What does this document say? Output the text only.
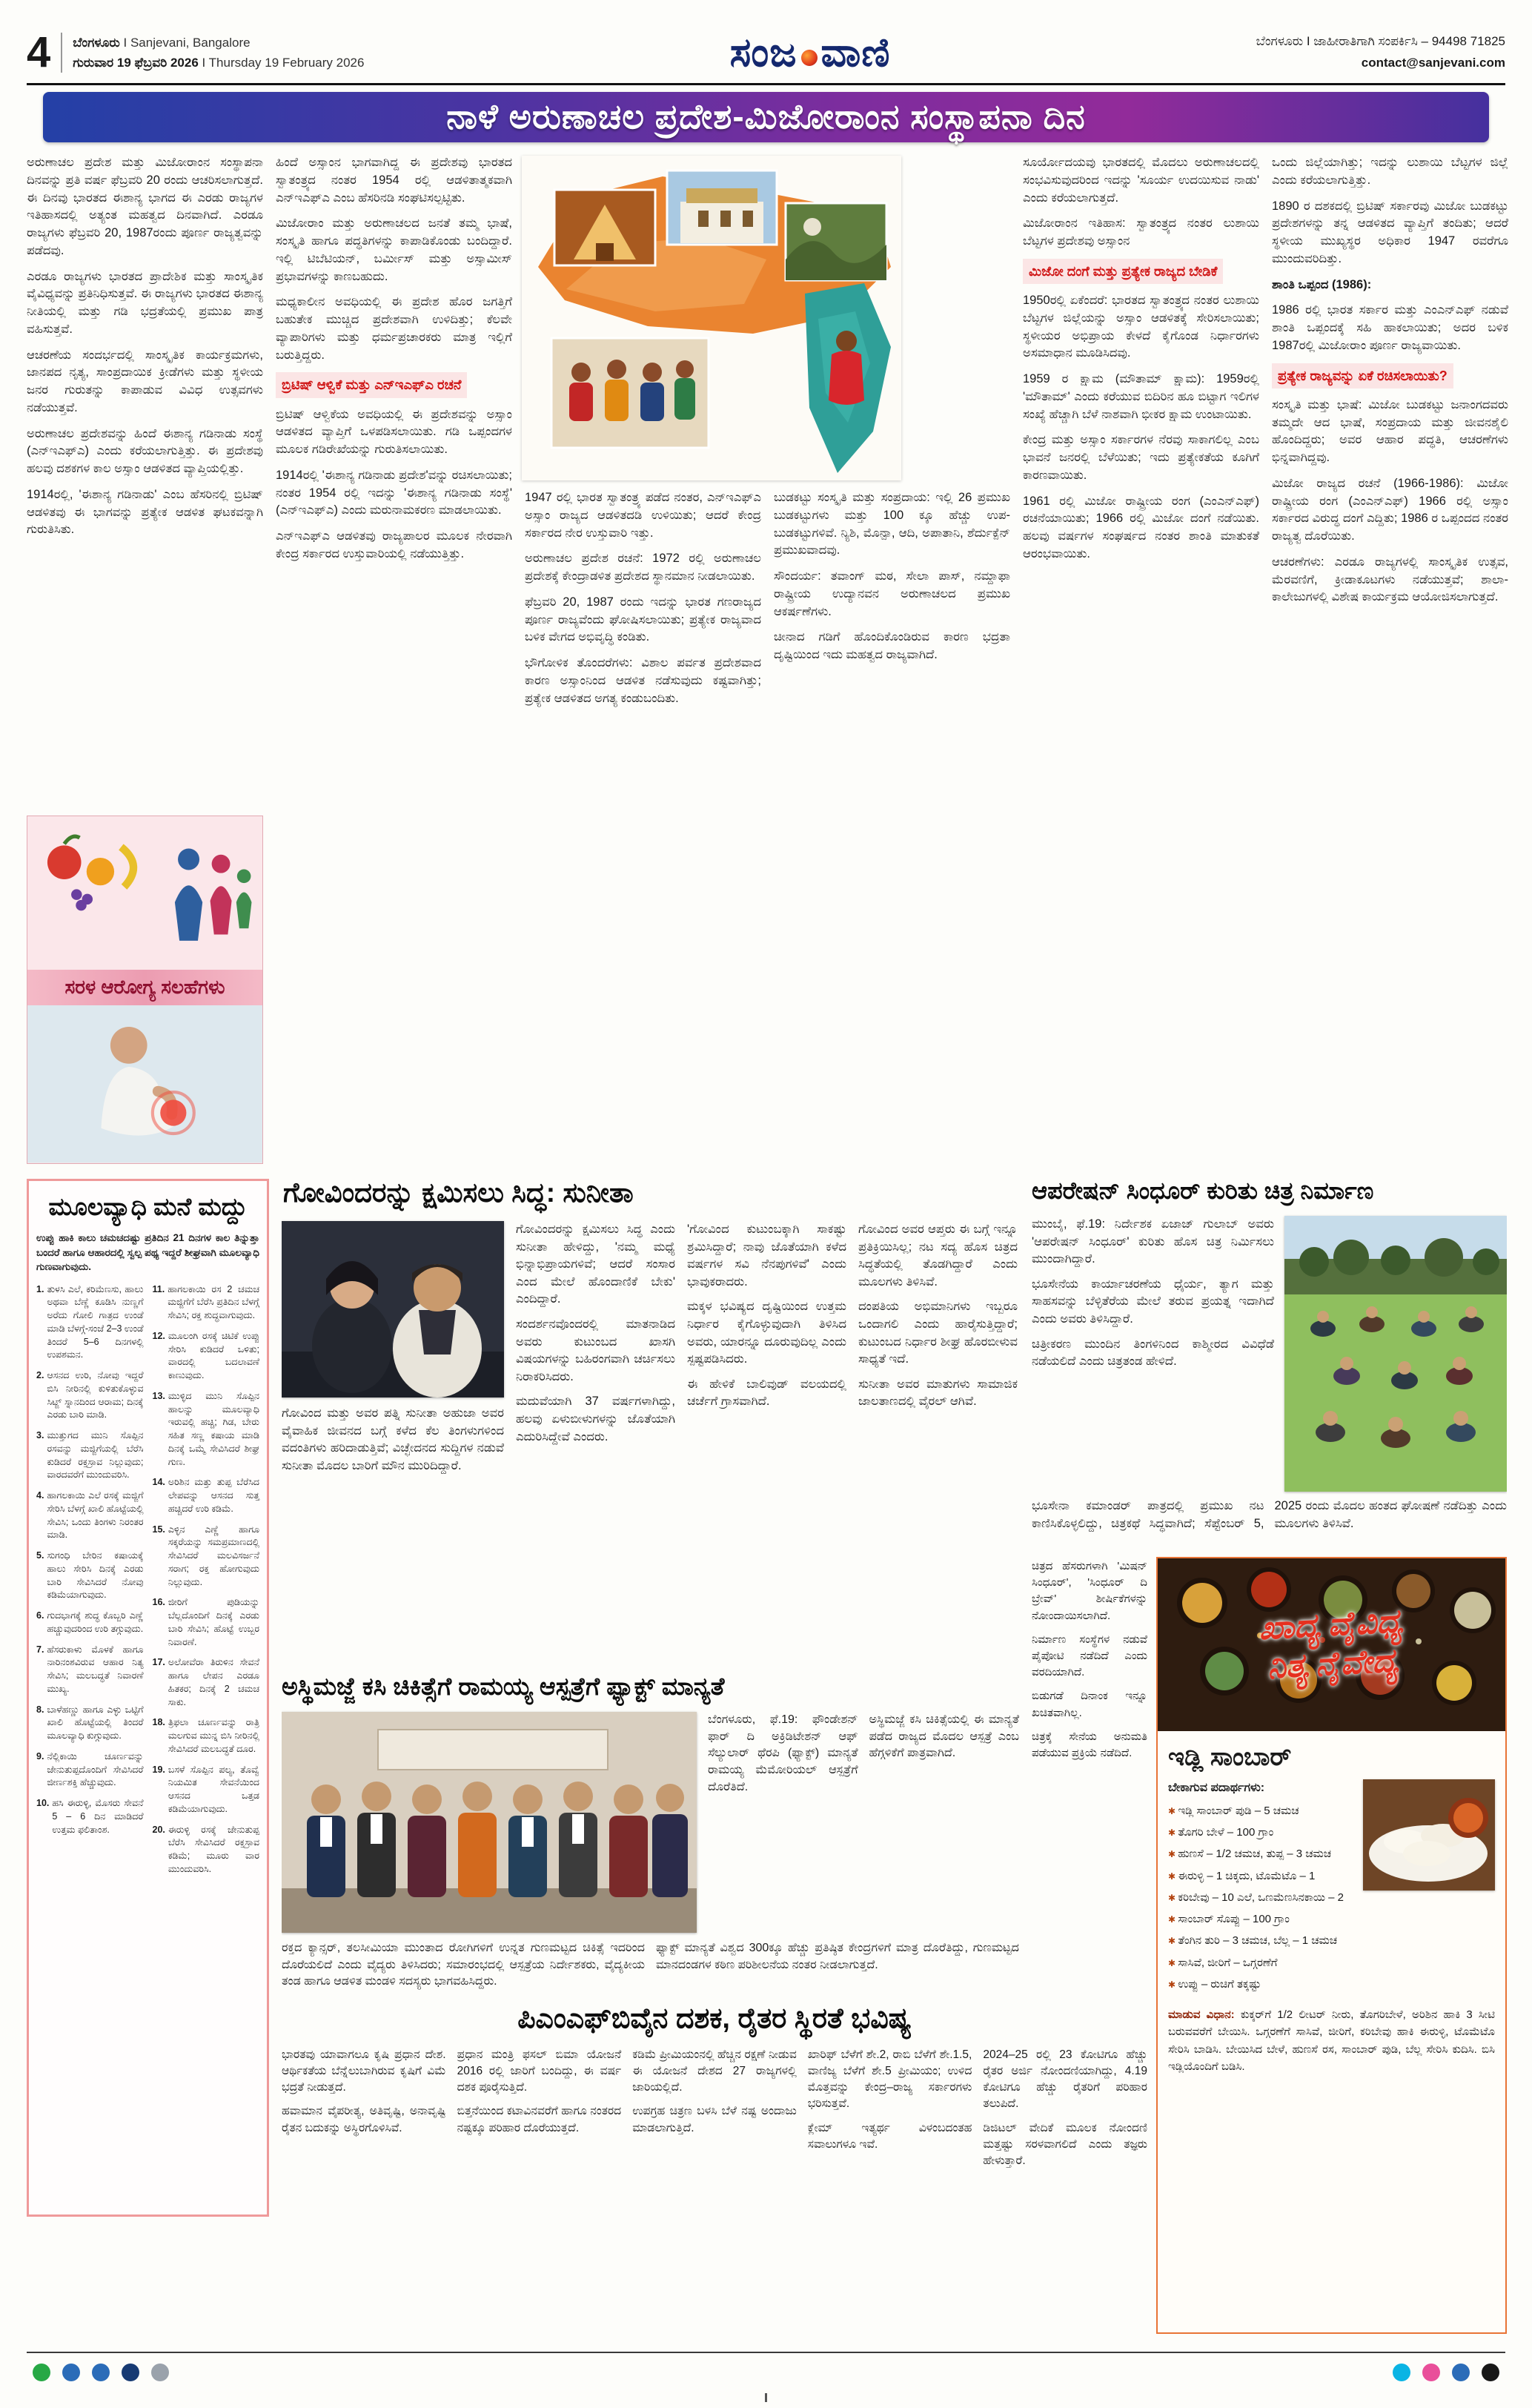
4 ಬೆಂಗಳೂರು I Sanjevani, Bangalore
ಗುರುವಾರ 19 ಫೆಬ್ರವರಿ 2026 I Thursday 19 February 2026	ಸಂಜ ವಾಣಿ	ಬೆಂಗಳೂರು I ಜಾಹೀರಾತಿಗಾಗಿ ಸಂಪರ್ಕಿಸಿ – 94498 71825
contact@sanjevani.com
ನಾಳೆ ಅರುಣಾಚಲ ಪ್ರದೇಶ-ಮಿಜೋರಾಂನ ಸಂಸ್ಥಾಪನಾ ದಿನ
ಅರುಣಾಚಲ ಪ್ರದೇಶ ಮತ್ತು ಮಿಜೋರಾಂನ ಸಂಸ್ಥಾಪನಾ ದಿನವನ್ನು ಪ್ರತಿ ವರ್ಷ ಫೆಬ್ರವರಿ 20 ರಂದು ಆಚರಿಸಲಾಗುತ್ತದೆ. ಈ ದಿನವು ಭಾರತದ ಈಶಾನ್ಯ ಭಾಗದ ಈ ಎರಡು ರಾಜ್ಯಗಳ ಇತಿಹಾಸದಲ್ಲಿ ಅತ್ಯಂತ ಮಹತ್ವದ ದಿನವಾಗಿದೆ. ಎರಡೂ ರಾಜ್ಯಗಳು ಫೆಬ್ರವರಿ 20, 1987ರಂದು ಪೂರ್ಣ ರಾಜ್ಯತ್ವವನ್ನು ಪಡೆದವು.
ಎರಡೂ ರಾಜ್ಯಗಳು ಭಾರತದ ಪ್ರಾದೇಶಿಕ ಮತ್ತು ಸಾಂಸ್ಕೃತಿಕ ವೈವಿಧ್ಯವನ್ನು ಪ್ರತಿನಿಧಿಸುತ್ತವೆ. ಈ ರಾಜ್ಯಗಳು ಭಾರತದ ಈಶಾನ್ಯ ನೀತಿಯಲ್ಲಿ ಮತ್ತು ಗಡಿ ಭದ್ರತೆಯಲ್ಲಿ ಪ್ರಮುಖ ಪಾತ್ರ ವಹಿಸುತ್ತವೆ.
ಆಚರಣೆಯ ಸಂದರ್ಭದಲ್ಲಿ ಸಾಂಸ್ಕೃತಿಕ ಕಾರ್ಯಕ್ರಮಗಳು, ಜಾನಪದ ನೃತ್ಯ, ಸಾಂಪ್ರದಾಯಿಕ ಕ್ರೀಡೆಗಳು ಮತ್ತು ಸ್ಥಳೀಯ ಜನರ ಗುರುತನ್ನು ಕಾಪಾಡುವ ವಿವಿಧ ಉತ್ಸವಗಳು ನಡೆಯುತ್ತವೆ.
ಅರುಣಾಚಲ ಪ್ರದೇಶವನ್ನು ಹಿಂದೆ ಈಶಾನ್ಯ ಗಡಿನಾಡು ಸಂಸ್ಥೆ (ಎನ್‌ಇಎಫ್‌ಎ) ಎಂದು ಕರೆಯಲಾಗುತ್ತಿತ್ತು. ಈ ಪ್ರದೇಶವು ಹಲವು ದಶಕಗಳ ಕಾಲ ಅಸ್ಸಾಂ ಆಡಳಿತದ ವ್ಯಾಪ್ತಿಯಲ್ಲಿತ್ತು.
1914ರಲ್ಲಿ, 'ಈಶಾನ್ಯ ಗಡಿನಾಡು' ಎಂಬ ಹೆಸರಿನಲ್ಲಿ ಬ್ರಿಟಿಷ್ ಆಡಳಿತವು ಈ ಭಾಗವನ್ನು ಪ್ರತ್ಯೇಕ ಆಡಳಿತ ಘಟಕವನ್ನಾಗಿ ಗುರುತಿಸಿತು.
ಸರಳ ಆರೋಗ್ಯ ಸಲಹೆಗಳು
ಹಿಂದೆ ಅಸ್ಸಾಂನ ಭಾಗವಾಗಿದ್ದ ಈ ಪ್ರದೇಶವು ಭಾರತದ ಸ್ವಾತಂತ್ರ್ಯದ ನಂತರ 1954 ರಲ್ಲಿ ಆಡಳಿತಾತ್ಮಕವಾಗಿ ಎನ್‌ಇಎಫ್‌ಎ ಎಂಬ ಹೆಸರಿನಡಿ ಸಂಘಟಿಸಲ್ಪಟ್ಟಿತು.
ಮಿಜೋರಾಂ ಮತ್ತು ಅರುಣಾಚಲದ ಜನತೆ ತಮ್ಮ ಭಾಷೆ, ಸಂಸ್ಕೃತಿ ಹಾಗೂ ಪದ್ಧತಿಗಳನ್ನು ಕಾಪಾಡಿಕೊಂಡು ಬಂದಿದ್ದಾರೆ. ಇಲ್ಲಿ ಟಿಬೆಟಿಯನ್, ಬರ್ಮೀಸ್ ಮತ್ತು ಅಸ್ಸಾಮೀಸ್ ಪ್ರಭಾವಗಳನ್ನು ಕಾಣಬಹುದು.
ಮಧ್ಯಕಾಲೀನ ಅವಧಿಯಲ್ಲಿ ಈ ಪ್ರದೇಶ ಹೊರ ಜಗತ್ತಿಗೆ ಬಹುತೇಕ ಮುಚ್ಚಿದ ಪ್ರದೇಶವಾಗಿ ಉಳಿದಿತ್ತು; ಕೆಲವೇ ವ್ಯಾಪಾರಿಗಳು ಮತ್ತು ಧರ್ಮಪ್ರಚಾರಕರು ಮಾತ್ರ ಇಲ್ಲಿಗೆ ಬರುತ್ತಿದ್ದರು.
ಬ್ರಿಟಿಷ್ ಆಳ್ವಿಕೆ ಮತ್ತು ಎನ್‌ಇಎಫ್‌ಎ ರಚನೆ
ಬ್ರಿಟಿಷ್ ಆಳ್ವಿಕೆಯ ಅವಧಿಯಲ್ಲಿ ಈ ಪ್ರದೇಶವನ್ನು ಅಸ್ಸಾಂ ಆಡಳಿತದ ವ್ಯಾಪ್ತಿಗೆ ಒಳಪಡಿಸಲಾಯಿತು. ಗಡಿ ಒಪ್ಪಂದಗಳ ಮೂಲಕ ಗಡಿರೇಖೆಯನ್ನು ಗುರುತಿಸಲಾಯಿತು.
1914ರಲ್ಲಿ 'ಈಶಾನ್ಯ ಗಡಿನಾಡು ಪ್ರದೇಶ'ವನ್ನು ರಚಿಸಲಾಯಿತು; ನಂತರ 1954 ರಲ್ಲಿ ಇದನ್ನು 'ಈಶಾನ್ಯ ಗಡಿನಾಡು ಸಂಸ್ಥೆ' (ಎನ್‌ಇಎಫ್‌ಎ) ಎಂದು ಮರುನಾಮಕರಣ ಮಾಡಲಾಯಿತು.
ಎನ್‌ಇಎಫ್‌ಎ ಆಡಳಿತವು ರಾಜ್ಯಪಾಲರ ಮೂಲಕ ನೇರವಾಗಿ ಕೇಂದ್ರ ಸರ್ಕಾರದ ಉಸ್ತುವಾರಿಯಲ್ಲಿ ನಡೆಯುತ್ತಿತ್ತು.
1947 ರಲ್ಲಿ ಭಾರತ ಸ್ವಾತಂತ್ರ್ಯ ಪಡೆದ ನಂತರ, ಎನ್‌ಇಎಫ್‌ಎ ಅಸ್ಸಾಂ ರಾಜ್ಯದ ಆಡಳಿತದಡಿ ಉಳಿಯಿತು; ಆದರೆ ಕೇಂದ್ರ ಸರ್ಕಾರದ ನೇರ ಉಸ್ತುವಾರಿ ಇತ್ತು.
ಅರುಣಾಚಲ ಪ್ರದೇಶ ರಚನೆ: 1972 ರಲ್ಲಿ ಅರುಣಾಚಲ ಪ್ರದೇಶಕ್ಕೆ ಕೇಂದ್ರಾಡಳಿತ ಪ್ರದೇಶದ ಸ್ಥಾನಮಾನ ನೀಡಲಾಯಿತು.
ಫೆಬ್ರವರಿ 20, 1987 ರಂದು ಇದನ್ನು ಭಾರತ ಗಣರಾಜ್ಯದ ಪೂರ್ಣ ರಾಜ್ಯವೆಂದು ಘೋಷಿಸಲಾಯಿತು; ಪ್ರತ್ಯೇಕ ರಾಜ್ಯವಾದ ಬಳಿಕ ವೇಗದ ಅಭಿವೃದ್ಧಿ ಕಂಡಿತು.
ಭೌಗೋಳಿಕ ತೊಂದರೆಗಳು: ವಿಶಾಲ ಪರ್ವತ ಪ್ರದೇಶವಾದ ಕಾರಣ ಅಸ್ಸಾಂನಿಂದ ಆಡಳಿತ ನಡೆಸುವುದು ಕಷ್ಟವಾಗಿತ್ತು; ಪ್ರತ್ಯೇಕ ಆಡಳಿತದ ಅಗತ್ಯ ಕಂಡುಬಂದಿತು.
ಬುಡಕಟ್ಟು ಸಂಸ್ಕೃತಿ ಮತ್ತು ಸಂಪ್ರದಾಯ: ಇಲ್ಲಿ 26 ಪ್ರಮುಖ ಬುಡಕಟ್ಟುಗಳು ಮತ್ತು 100 ಕ್ಕೂ ಹೆಚ್ಚು ಉಪ-ಬುಡಕಟ್ಟುಗಳಿವೆ. ನ್ಯಿಶಿ, ಮೊನ್ಪಾ, ಆದಿ, ಅಪಾತಾನಿ, ಶೆರ್ದುಕ್ಪೆನ್ ಪ್ರಮುಖವಾದವು.
ಸೌಂದರ್ಯ: ತವಾಂಗ್ ಮಠ, ಸೇಲಾ ಪಾಸ್, ನಮ್ದಾಫಾ ರಾಷ್ಟ್ರೀಯ ಉದ್ಯಾನವನ ಅರುಣಾಚಲದ ಪ್ರಮುಖ ಆಕರ್ಷಣೆಗಳು.
ಚೀನಾದ ಗಡಿಗೆ ಹೊಂದಿಕೊಂಡಿರುವ ಕಾರಣ ಭದ್ರತಾ ದೃಷ್ಟಿಯಿಂದ ಇದು ಮಹತ್ವದ ರಾಜ್ಯವಾಗಿದೆ.
ಸೂರ್ಯೋದಯವು ಭಾರತದಲ್ಲಿ ಮೊದಲು ಅರುಣಾಚಲದಲ್ಲಿ ಸಂಭವಿಸುವುದರಿಂದ ಇದನ್ನು 'ಸೂರ್ಯ ಉದಯಿಸುವ ನಾಡು' ಎಂದು ಕರೆಯಲಾಗುತ್ತದೆ.
ಮಿಜೋರಾಂನ ಇತಿಹಾಸ: ಸ್ವಾತಂತ್ರ್ಯದ ನಂತರ ಲುಶಾಯಿ ಬೆಟ್ಟಗಳ ಪ್ರದೇಶವು ಅಸ್ಸಾಂನ
ಮಿಜೋ ದಂಗೆ ಮತ್ತು ಪ್ರತ್ಯೇಕ ರಾಜ್ಯದ ಬೇಡಿಕೆ
1950ರಲ್ಲಿ ಏಕೆಂದರೆ: ಭಾರತದ ಸ್ವಾತಂತ್ರ್ಯದ ನಂತರ ಲುಶಾಯಿ ಬೆಟ್ಟಗಳ ಜಿಲ್ಲೆಯನ್ನು ಅಸ್ಸಾಂ ಆಡಳಿತಕ್ಕೆ ಸೇರಿಸಲಾಯಿತು; ಸ್ಥಳೀಯರ ಅಭಿಪ್ರಾಯ ಕೇಳದೆ ಕೈಗೊಂಡ ನಿರ್ಧಾರಗಳು ಅಸಮಾಧಾನ ಮೂಡಿಸಿದವು.
1959 ರ ಕ್ಷಾಮ (ಮೌತಾಮ್ ಕ್ಷಾಮ): 1959ರಲ್ಲಿ 'ಮೌತಾಮ್' ಎಂದು ಕರೆಯುವ ಬಿದಿರಿನ ಹೂ ಬಿಟ್ಟಾಗ ಇಲಿಗಳ ಸಂಖ್ಯೆ ಹೆಚ್ಚಾಗಿ ಬೆಳೆ ನಾಶವಾಗಿ ಭೀಕರ ಕ್ಷಾಮ ಉಂಟಾಯಿತು.
ಕೇಂದ್ರ ಮತ್ತು ಅಸ್ಸಾಂ ಸರ್ಕಾರಗಳ ನೆರವು ಸಾಕಾಗಲಿಲ್ಲ ಎಂಬ ಭಾವನೆ ಜನರಲ್ಲಿ ಬೆಳೆಯಿತು; ಇದು ಪ್ರತ್ಯೇಕತೆಯ ಕೂಗಿಗೆ ಕಾರಣವಾಯಿತು.
1961 ರಲ್ಲಿ ಮಿಜೋ ರಾಷ್ಟ್ರೀಯ ರಂಗ (ಎಂಎನ್‌ಎಫ್) ರಚನೆಯಾಯಿತು; 1966 ರಲ್ಲಿ ಮಿಜೋ ದಂಗೆ ನಡೆಯಿತು. ಹಲವು ವರ್ಷಗಳ ಸಂಘರ್ಷದ ನಂತರ ಶಾಂತಿ ಮಾತುಕತೆ ಆರಂಭವಾಯಿತು.
ಒಂದು ಜಿಲ್ಲೆಯಾಗಿತ್ತು; ಇದನ್ನು ಲುಶಾಯಿ ಬೆಟ್ಟಗಳ ಜಿಲ್ಲೆ ಎಂದು ಕರೆಯಲಾಗುತ್ತಿತ್ತು.
1890 ರ ದಶಕದಲ್ಲಿ ಬ್ರಿಟಿಷ್ ಸರ್ಕಾರವು ಮಿಜೋ ಬುಡಕಟ್ಟು ಪ್ರದೇಶಗಳನ್ನು ತನ್ನ ಆಡಳಿತದ ವ್ಯಾಪ್ತಿಗೆ ತಂದಿತು; ಆದರೆ ಸ್ಥಳೀಯ ಮುಖ್ಯಸ್ಥರ ಅಧಿಕಾರ 1947 ರವರೆಗೂ ಮುಂದುವರಿದಿತ್ತು.
ಶಾಂತಿ ಒಪ್ಪಂದ (1986):
1986 ರಲ್ಲಿ ಭಾರತ ಸರ್ಕಾರ ಮತ್ತು ಎಂಎನ್‌ಎಫ್ ನಡುವೆ ಶಾಂತಿ ಒಪ್ಪಂದಕ್ಕೆ ಸಹಿ ಹಾಕಲಾಯಿತು; ಅದರ ಬಳಿಕ 1987ರಲ್ಲಿ ಮಿಜೋರಾಂ ಪೂರ್ಣ ರಾಜ್ಯವಾಯಿತು.
ಪ್ರತ್ಯೇಕ ರಾಜ್ಯವನ್ನು ಏಕೆ ರಚಿಸಲಾಯಿತು?
ಸಂಸ್ಕೃತಿ ಮತ್ತು ಭಾಷೆ: ಮಿಜೋ ಬುಡಕಟ್ಟು ಜನಾಂಗದವರು ತಮ್ಮದೇ ಆದ ಭಾಷೆ, ಸಂಪ್ರದಾಯ ಮತ್ತು ಜೀವನಶೈಲಿ ಹೊಂದಿದ್ದರು; ಅವರ ಆಹಾರ ಪದ್ಧತಿ, ಆಚರಣೆಗಳು ಭಿನ್ನವಾಗಿದ್ದವು.
ಮಿಜೋ ರಾಜ್ಯದ ರಚನೆ (1966-1986): ಮಿಜೋ ರಾಷ್ಟ್ರೀಯ ರಂಗ (ಎಂಎನ್‌ಎಫ್) 1966 ರಲ್ಲಿ ಅಸ್ಸಾಂ ಸರ್ಕಾರದ ವಿರುದ್ಧ ದಂಗೆ ಎದ್ದಿತು; 1986 ರ ಒಪ್ಪಂದದ ನಂತರ ರಾಜ್ಯತ್ವ ದೊರೆಯಿತು.
ಆಚರಣೆಗಳು: ಎರಡೂ ರಾಜ್ಯಗಳಲ್ಲಿ ಸಾಂಸ್ಕೃತಿಕ ಉತ್ಸವ, ಮೆರವಣಿಗೆ, ಕ್ರೀಡಾಕೂಟಗಳು ನಡೆಯುತ್ತವೆ; ಶಾಲಾ-ಕಾಲೇಜುಗಳಲ್ಲಿ ವಿಶೇಷ ಕಾರ್ಯಕ್ರಮ ಆಯೋಜಿಸಲಾಗುತ್ತದೆ.
ಮೂಲವ್ಯಾಧಿ ಮನೆ ಮದ್ದು

ಉಪ್ಪು ಹಾಕಿ ಕಾಲು ಚಮಚದಷ್ಟು ಪ್ರತಿದಿನ 21 ದಿನಗಳ ಕಾಲ ತಿನ್ನುತ್ತಾ ಬಂದರೆ ಹಾಗೂ ಆಹಾರದಲ್ಲಿ ಸ್ವಲ್ಪ ಪಥ್ಯ ಇದ್ದರೆ ಶೀಘ್ರವಾಗಿ ಮೂಲವ್ಯಾಧಿ ಗುಣವಾಗುವುದು.

1. ತುಳಸಿ ಎಲೆ, ಕರಿಮೆಣಸು, ಹಾಲು ಅಥವಾ ಬೆಣ್ಣೆ ಕೂಡಿಸಿ ನುಣ್ಣಗೆ ಅರೆದು ಗೋಲಿ ಗಾತ್ರದ ಉಂಡೆ ಮಾಡಿ ಬೆಳಗ್ಗೆ-ಸಂಜೆ 2–3 ಉಂಡೆ ತಿಂದರೆ 5–6 ದಿನಗಳಲ್ಲಿ ಉಪಶಮನ.
2. ಆಸನದ ಉರಿ, ನೋವು ಇದ್ದರೆ ಬಿಸಿ ನೀರಿನಲ್ಲಿ ಕುಳಿತುಕೊಳ್ಳುವ ಸಿಟ್ಜ್ ಸ್ನಾನದಿಂದ ಆರಾಮ; ದಿನಕ್ಕೆ ಎರಡು ಬಾರಿ ಮಾಡಿ.
3. ಮುತ್ತುಗದ ಮುನಿ ಸೊಪ್ಪಿನ ರಸವನ್ನು ಮಜ್ಜಿಗೆಯಲ್ಲಿ ಬೆರೆಸಿ ಕುಡಿದರೆ ರಕ್ತಸ್ರಾವ ನಿಲ್ಲುವುದು; ವಾರದವರೆಗೆ ಮುಂದುವರಿಸಿ.
4. ಹಾಗಲಕಾಯಿ ಎಲೆ ರಸಕ್ಕೆ ಮಜ್ಜಿಗೆ ಸೇರಿಸಿ ಬೆಳಗ್ಗೆ ಖಾಲಿ ಹೊಟ್ಟೆಯಲ್ಲಿ ಸೇವಿಸಿ; ಒಂದು ತಿಂಗಳು ನಿರಂತರ ಮಾಡಿ.
5. ಸುಗಂಧಿ ಬೇರಿನ ಕಷಾಯಕ್ಕೆ ಹಾಲು ಸೇರಿಸಿ ದಿನಕ್ಕೆ ಎರಡು ಬಾರಿ ಸೇವಿಸಿದರೆ ನೋವು ಕಡಿಮೆಯಾಗುವುದು.
6. ಗುದಭಾಗಕ್ಕೆ ಶುದ್ಧ ಕೊಬ್ಬರಿ ಎಣ್ಣೆ ಹಚ್ಚುವುದರಿಂದ ಉರಿ ತಗ್ಗುವುದು.
7. ಹೆಸರುಕಾಳು ಮೊಳಕೆ ಹಾಗೂ ನಾರಿನಂಶವಿರುವ ಆಹಾರ ನಿತ್ಯ ಸೇವಿಸಿ; ಮಲಬದ್ಧತೆ ನಿವಾರಣೆ ಮುಖ್ಯ.
8. ಬಾಳೆಹಣ್ಣು ಹಾಗೂ ಎಳ್ಳು ಒಟ್ಟಿಗೆ ಖಾಲಿ ಹೊಟ್ಟೆಯಲ್ಲಿ ತಿಂದರೆ ಮೂಲವ್ಯಾಧಿ ಕುಗ್ಗುವುದು.
9. ನೆಲ್ಲಿಕಾಯಿ ಚೂರ್ಣವನ್ನು ಜೇನುತುಪ್ಪದೊಂದಿಗೆ ಸೇವಿಸಿದರೆ ಜೀರ್ಣಶಕ್ತಿ ಹೆಚ್ಚುವುದು.
10. ಹಸಿ ಈರುಳ್ಳಿ, ಮೊಸರು ಸೇವನೆ 5 – 6 ದಿನ ಮಾಡಿದರೆ ಉತ್ತಮ ಫಲಿತಾಂಶ.
11. ಹಾಗಲಕಾಯಿ ರಸ 2 ಚಮಚ ಮಜ್ಜಿಗೆಗೆ ಬೆರೆಸಿ ಪ್ರತಿದಿನ ಬೆಳಗ್ಗೆ ಸೇವಿಸಿ; ರಕ್ತ ಶುದ್ಧವಾಗುವುದು.
12. ಮೂಲಂಗಿ ರಸಕ್ಕೆ ಚಿಟಿಕೆ ಉಪ್ಪು ಸೇರಿಸಿ ಕುಡಿದರೆ ಒಳಿತು; ವಾರದಲ್ಲಿ ಬದಲಾವಣೆ ಕಾಣುವುದು.
13. ಮುಳ್ಳಿದ ಮುನಿ ಸೊಪ್ಪಿನ ಹಾಲನ್ನು ಮೂಲವ್ಯಾಧಿ ಇರುವಲ್ಲಿ ಹಚ್ಚಿ; ಗಿಡ, ಬೇರು ಸಹಿತ ಸಣ್ಣ ಕಷಾಯ ಮಾಡಿ ದಿನಕ್ಕೆ ಒಮ್ಮೆ ಸೇವಿಸಿದರೆ ಶೀಘ್ರ ಗುಣ.
14. ಅರಿಶಿನ ಮತ್ತು ತುಪ್ಪ ಬೆರೆಸಿದ ಲೇಪವನ್ನು ಆಸನದ ಸುತ್ತ ಹಚ್ಚಿದರೆ ಉರಿ ಕಡಿಮೆ.
15. ಎಳ್ಳಿನ ಎಣ್ಣೆ ಹಾಗೂ ಸಕ್ಕರೆಯನ್ನು ಸಮಪ್ರಮಾಣದಲ್ಲಿ ಸೇವಿಸಿದರೆ ಮಲವಿಸರ್ಜನೆ ಸರಾಗ; ರಕ್ತ ಹೋಗುವುದು ನಿಲ್ಲುವುದು.
16. ಜೀರಿಗೆ ಪುಡಿಯನ್ನು ಬೆಲ್ಲದೊಂದಿಗೆ ದಿನಕ್ಕೆ ಎರಡು ಬಾರಿ ಸೇವಿಸಿ; ಹೊಟ್ಟೆ ಉಬ್ಬರ ನಿವಾರಣೆ.
17. ಅಲೋವೆರಾ ತಿರುಳಿನ ಸೇವನೆ ಹಾಗೂ ಲೇಪನ ಎರಡೂ ಹಿತಕರ; ದಿನಕ್ಕೆ 2 ಚಮಚ ಸಾಕು.
18. ತ್ರಿಫಲಾ ಚೂರ್ಣವನ್ನು ರಾತ್ರಿ ಮಲಗುವ ಮುನ್ನ ಬಿಸಿ ನೀರಿನಲ್ಲಿ ಸೇವಿಸಿದರೆ ಮಲಬದ್ಧತೆ ದೂರ.
19. ಬಸಳೆ ಸೊಪ್ಪಿನ ಪಲ್ಯ, ತೊವ್ವೆ ನಿಯಮಿತ ಸೇವನೆಯಿಂದ ಆಸನದ ಒತ್ತಡ ಕಡಿಮೆಯಾಗುವುದು.
20. ಈರುಳ್ಳಿ ರಸಕ್ಕೆ ಜೇನುತುಪ್ಪ ಬೆರೆಸಿ ಸೇವಿಸಿದರೆ ರಕ್ತಸ್ರಾವ ಕಡಿಮೆ; ಮೂರು ವಾರ ಮುಂದುವರಿಸಿ.
ಗೋವಿಂದರನ್ನು ಕ್ಷಮಿಸಲು ಸಿದ್ಧ: ಸುನೀತಾ

ಗೋವಿಂದ ಮತ್ತು ಅವರ ಪತ್ನಿ ಸುನೀತಾ ಅಹುಜಾ ಅವರ ವೈವಾಹಿಕ ಜೀವನದ ಬಗ್ಗೆ ಕಳೆದ ಕೆಲ ತಿಂಗಳುಗಳಿಂದ ವದಂತಿಗಳು ಹರಿದಾಡುತ್ತಿವೆ; ವಿಚ್ಛೇದನದ ಸುದ್ದಿಗಳ ನಡುವೆ ಸುನೀತಾ ಮೊದಲ ಬಾರಿಗೆ ಮೌನ ಮುರಿದಿದ್ದಾರೆ.

ಗೋವಿಂದರನ್ನು ಕ್ಷಮಿಸಲು ಸಿದ್ಧ ಎಂದು ಸುನೀತಾ ಹೇಳಿದ್ದು, 'ನಮ್ಮ ಮಧ್ಯೆ ಭಿನ್ನಾಭಿಪ್ರಾಯಗಳಿವೆ; ಆದರೆ ಸಂಸಾರ ಎಂದ ಮೇಲೆ ಹೊಂದಾಣಿಕೆ ಬೇಕು' ಎಂದಿದ್ದಾರೆ.

ಸಂದರ್ಶನವೊಂದರಲ್ಲಿ ಮಾತನಾಡಿದ ಅವರು ಕುಟುಂಬದ ಖಾಸಗಿ ವಿಷಯಗಳನ್ನು ಬಹಿರಂಗವಾಗಿ ಚರ್ಚಿಸಲು ನಿರಾಕರಿಸಿದರು.

ಮದುವೆಯಾಗಿ 37 ವರ್ಷಗಳಾಗಿದ್ದು, ಹಲವು ಏಳುಬೀಳುಗಳನ್ನು ಜೊತೆಯಾಗಿ ಎದುರಿಸಿದ್ದೇವೆ ಎಂದರು.

'ಗೋವಿಂದ ಕುಟುಂಬಕ್ಕಾಗಿ ಸಾಕಷ್ಟು ಶ್ರಮಿಸಿದ್ದಾರೆ; ನಾವು ಜೊತೆಯಾಗಿ ಕಳೆದ ವರ್ಷಗಳ ಸವಿ ನೆನಪುಗಳಿವೆ' ಎಂದು ಭಾವುಕರಾದರು.

ಮಕ್ಕಳ ಭವಿಷ್ಯದ ದೃಷ್ಟಿಯಿಂದ ಉತ್ತಮ ನಿರ್ಧಾರ ಕೈಗೊಳ್ಳುವುದಾಗಿ ತಿಳಿಸಿದ ಅವರು, ಯಾರನ್ನೂ ದೂರುವುದಿಲ್ಲ ಎಂದು ಸ್ಪಷ್ಟಪಡಿಸಿದರು.

ಈ ಹೇಳಿಕೆ ಬಾಲಿವುಡ್ ವಲಯದಲ್ಲಿ ಚರ್ಚೆಗೆ ಗ್ರಾಸವಾಗಿದೆ.

ಗೋವಿಂದ ಅವರ ಆಪ್ತರು ಈ ಬಗ್ಗೆ ಇನ್ನೂ ಪ್ರತಿಕ್ರಿಯಿಸಿಲ್ಲ; ನಟ ಸದ್ಯ ಹೊಸ ಚಿತ್ರದ ಸಿದ್ಧತೆಯಲ್ಲಿ ತೊಡಗಿದ್ದಾರೆ ಎಂದು ಮೂಲಗಳು ತಿಳಿಸಿವೆ.

ದಂಪತಿಯ ಅಭಿಮಾನಿಗಳು ಇಬ್ಬರೂ ಒಂದಾಗಲಿ ಎಂದು ಹಾರೈಸುತ್ತಿದ್ದಾರೆ; ಕುಟುಂಬದ ನಿರ್ಧಾರ ಶೀಘ್ರ ಹೊರಬೀಳುವ ಸಾಧ್ಯತೆ ಇದೆ.

ಸುನೀತಾ ಅವರ ಮಾತುಗಳು ಸಾಮಾಜಿಕ ಜಾಲತಾಣದಲ್ಲಿ ವೈರಲ್ ಆಗಿವೆ.

ಆಪರೇಷನ್ ಸಿಂಧೂರ್ ಕುರಿತು ಚಿತ್ರ ನಿರ್ಮಾಣ

ಮುಂಬೈ, ಫೆ.19: ನಿರ್ದೇಶಕ ಏಜಾಜ್ ಗುಲಾಬ್ ಅವರು 'ಆಪರೇಷನ್ ಸಿಂಧೂರ್' ಕುರಿತು ಹೊಸ ಚಿತ್ರ ನಿರ್ಮಿಸಲು ಮುಂದಾಗಿದ್ದಾರೆ.

ಭೂಸೇನೆಯ ಕಾರ್ಯಾಚರಣೆಯ ಧೈರ್ಯ, ತ್ಯಾಗ ಮತ್ತು ಸಾಹಸವನ್ನು ಬೆಳ್ಳಿತೆರೆಯ ಮೇಲೆ ತರುವ ಪ್ರಯತ್ನ ಇದಾಗಿದೆ ಎಂದು ಅವರು ತಿಳಿಸಿದ್ದಾರೆ.

ಚಿತ್ರೀಕರಣ ಮುಂದಿನ ತಿಂಗಳಿನಿಂದ ಕಾಶ್ಮೀರದ ವಿವಿಧೆಡೆ ನಡೆಯಲಿದೆ ಎಂದು ಚಿತ್ರತಂಡ ಹೇಳಿದೆ.

ಭೂಸೇನಾ ಕಮಾಂಡರ್ ಪಾತ್ರದಲ್ಲಿ ಪ್ರಮುಖ ನಟ ಕಾಣಿಸಿಕೊಳ್ಳಲಿದ್ದು, ಚಿತ್ರಕಥೆ ಸಿದ್ಧವಾಗಿದೆ; ಸೆಪ್ಟೆಂಬರ್ 5, 2025 ರಂದು ಮೊದಲ ಹಂತದ ಘೋಷಣೆ ನಡೆದಿತ್ತು ಎಂದು ಮೂಲಗಳು ತಿಳಿಸಿವೆ.

ಚಿತ್ರದ ಹೆಸರುಗಳಾಗಿ 'ಮಿಷನ್ ಸಿಂಧೂರ್', 'ಸಿಂಧೂರ್ ದಿ ಬ್ರೇವ್' ಶೀರ್ಷಿಕೆಗಳನ್ನು ನೋಂದಾಯಿಸಲಾಗಿದೆ.

ನಿರ್ಮಾಣ ಸಂಸ್ಥೆಗಳ ನಡುವೆ ಪೈಪೋಟಿ ನಡೆದಿದೆ ಎಂದು ವರದಿಯಾಗಿದೆ.

ಬಿಡುಗಡೆ ದಿನಾಂಕ ಇನ್ನೂ ಖಚಿತವಾಗಿಲ್ಲ.

ಚಿತ್ರಕ್ಕೆ ಸೇನೆಯ ಅನುಮತಿ ಪಡೆಯುವ ಪ್ರಕ್ರಿಯೆ ನಡೆದಿದೆ.

ಅಸ್ಥಿಮಜ್ಜೆ ಕಸಿ ಚಿಕಿತ್ಸೆಗೆ ರಾಮಯ್ಯ ಆಸ್ಪತ್ರೆಗೆ ಫ್ಯಾಕ್ಟ್ ಮಾನ್ಯತೆ

ಬೆಂಗಳೂರು, ಫೆ.19: ಫೌಂಡೇಶನ್ ಫಾರ್ ದಿ ಅಕ್ರಿಡಿಟೇಶನ್ ಆಫ್ ಸೆಲ್ಯುಲಾರ್ ಥೆರಪಿ (ಫ್ಯಾಕ್ಟ್) ಮಾನ್ಯತೆ ರಾಮಯ್ಯ ಮೆಮೋರಿಯಲ್ ಆಸ್ಪತ್ರೆಗೆ ದೊರೆತಿದೆ.

ಅಸ್ಥಿಮಜ್ಜೆ ಕಸಿ ಚಿಕಿತ್ಸೆಯಲ್ಲಿ ಈ ಮಾನ್ಯತೆ ಪಡೆದ ರಾಜ್ಯದ ಮೊದಲ ಆಸ್ಪತ್ರೆ ಎಂಬ ಹೆಗ್ಗಳಿಕೆಗೆ ಪಾತ್ರವಾಗಿದೆ.

ರಕ್ತದ ಕ್ಯಾನ್ಸರ್, ತಲಸೀಮಿಯಾ ಮುಂತಾದ ರೋಗಿಗಳಿಗೆ ಉನ್ನತ ಗುಣಮಟ್ಟದ ಚಿಕಿತ್ಸೆ ಇದರಿಂದ ದೊರೆಯಲಿದೆ ಎಂದು ವೈದ್ಯರು ತಿಳಿಸಿದರು; ಸಮಾರಂಭದಲ್ಲಿ ಆಸ್ಪತ್ರೆಯ ನಿರ್ದೇಶಕರು, ವೈದ್ಯಕೀಯ ತಂಡ ಹಾಗೂ ಆಡಳಿತ ಮಂಡಳಿ ಸದಸ್ಯರು ಭಾಗವಹಿಸಿದ್ದರು.

ಫ್ಯಾಕ್ಟ್ ಮಾನ್ಯತೆ ವಿಶ್ವದ 300ಕ್ಕೂ ಹೆಚ್ಚು ಪ್ರತಿಷ್ಠಿತ ಕೇಂದ್ರಗಳಿಗೆ ಮಾತ್ರ ದೊರೆತಿದ್ದು, ಗುಣಮಟ್ಟದ ಮಾನದಂಡಗಳ ಕಠಿಣ ಪರಿಶೀಲನೆಯ ನಂತರ ನೀಡಲಾಗುತ್ತದೆ.

ಪಿಎಂಎಫ್‌ಬಿವೈನ ದಶಕ, ರೈತರ ಸ್ಥಿರತೆ ಭವಿಷ್ಯ

ಭಾರತವು ಯಾವಾಗಲೂ ಕೃಷಿ ಪ್ರಧಾನ ದೇಶ. ಆರ್ಥಿಕತೆಯ ಬೆನ್ನೆಲುಬಾಗಿರುವ ಕೃಷಿಗೆ ವಿಮೆ ಭದ್ರತೆ ನೀಡುತ್ತದೆ.

ಹವಾಮಾನ ವೈಪರೀತ್ಯ, ಅತಿವೃಷ್ಟಿ, ಅನಾವೃಷ್ಟಿ ರೈತನ ಬದುಕನ್ನು ಅಸ್ಥಿರಗೊಳಿಸಿವೆ.

ಪ್ರಧಾನ ಮಂತ್ರಿ ಫಸಲ್ ಬಿಮಾ ಯೋಜನೆ 2016 ರಲ್ಲಿ ಜಾರಿಗೆ ಬಂದಿದ್ದು, ಈ ವರ್ಷ ದಶಕ ಪೂರೈಸುತ್ತಿದೆ.

ಬಿತ್ತನೆಯಿಂದ ಕಟಾವಿನವರೆಗೆ ಹಾಗೂ ನಂತರದ ನಷ್ಟಕ್ಕೂ ಪರಿಹಾರ ದೊರೆಯುತ್ತದೆ.

ಕಡಿಮೆ ಪ್ರೀಮಿಯಂನಲ್ಲಿ ಹೆಚ್ಚಿನ ರಕ್ಷಣೆ ನೀಡುವ ಈ ಯೋಜನೆ ದೇಶದ 27 ರಾಜ್ಯಗಳಲ್ಲಿ ಜಾರಿಯಲ್ಲಿದೆ.

ಉಪಗ್ರಹ ಚಿತ್ರಣ ಬಳಸಿ ಬೆಳೆ ನಷ್ಟ ಅಂದಾಜು ಮಾಡಲಾಗುತ್ತಿದೆ.

ಖಾರಿಫ್ ಬೆಳೆಗೆ ಶೇ.2, ರಾಬಿ ಬೆಳೆಗೆ ಶೇ.1.5, ವಾಣಿಜ್ಯ ಬೆಳೆಗೆ ಶೇ.5 ಪ್ರೀಮಿಯಂ; ಉಳಿದ ಮೊತ್ತವನ್ನು ಕೇಂದ್ರ–ರಾಜ್ಯ ಸರ್ಕಾರಗಳು ಭರಿಸುತ್ತವೆ.

ಕ್ಲೇಮ್ ಇತ್ಯರ್ಥ ವಿಳಂಬದಂತಹ ಸವಾಲುಗಳೂ ಇವೆ.

2024–25 ರಲ್ಲಿ 23 ಕೋಟಿಗೂ ಹೆಚ್ಚು ರೈತರ ಅರ್ಜಿ ನೋಂದಣಿಯಾಗಿದ್ದು, 4.19 ಕೋಟಿಗೂ ಹೆಚ್ಚು ರೈತರಿಗೆ ಪರಿಹಾರ ತಲುಪಿದೆ.

ಡಿಜಿಟಲ್ ವೇದಿಕೆ ಮೂಲಕ ನೋಂದಣಿ ಮತ್ತಷ್ಟು ಸರಳವಾಗಲಿದೆ ಎಂದು ತಜ್ಞರು ಹೇಳುತ್ತಾರೆ.

ಖಾದ್ಯ ವೈವಿಧ್ಯ
ನಿತ್ಯ ನೈವೇದ್ಯ
ಇಡ್ಲಿ ಸಾಂಬಾರ್
ಬೇಕಾಗುವ ಪದಾರ್ಥಗಳು:
✱ ಇಡ್ಲಿ ಸಾಂಬಾರ್ ಪುಡಿ – 5 ಚಮಚ
✱ ತೊಗರಿ ಬೇಳೆ – 100 ಗ್ರಾಂ
✱ ಹುಣಸೆ – 1/2 ಚಮಚ, ತುಪ್ಪ – 3 ಚಮಚ
✱ ಈರುಳ್ಳಿ – 1 ಚಿಕ್ಕದು, ಟೊಮೆಟೊ – 1
✱ ಕರಿಬೇವು – 10 ಎಲೆ, ಒಣಮೆಣಸಿನಕಾಯಿ – 2
✱ ಸಾಂಬಾರ್ ಸೊಪ್ಪು – 100 ಗ್ರಾಂ
✱ ತೆಂಗಿನ ತುರಿ – 3 ಚಮಚ, ಬೆಲ್ಲ – 1 ಚಮಚ
✱ ಸಾಸಿವೆ, ಜೀರಿಗೆ – ಒಗ್ಗರಣೆಗೆ
✱ ಉಪ್ಪು – ರುಚಿಗೆ ತಕ್ಕಷ್ಟು

ಮಾಡುವ ವಿಧಾನ: ಕುಕ್ಕರ್‌ಗೆ 1/2 ಲೀಟರ್ ನೀರು, ತೊಗರಿಬೇಳೆ, ಅರಿಶಿನ ಹಾಕಿ 3 ಸೀಟಿ ಬರುವವರೆಗೆ ಬೇಯಿಸಿ. ಒಗ್ಗರಣೆಗೆ ಸಾಸಿವೆ, ಜೀರಿಗೆ, ಕರಿಬೇವು ಹಾಕಿ ಈರುಳ್ಳಿ, ಟೊಮೆಟೊ ಸೇರಿಸಿ ಬಾಡಿಸಿ. ಬೇಯಿಸಿದ ಬೇಳೆ, ಹುಣಸೆ ರಸ, ಸಾಂಬಾರ್ ಪುಡಿ, ಬೆಲ್ಲ ಸೇರಿಸಿ ಕುದಿಸಿ. ಬಿಸಿ ಇಡ್ಲಿಯೊಂದಿಗೆ ಬಡಿಸಿ.
